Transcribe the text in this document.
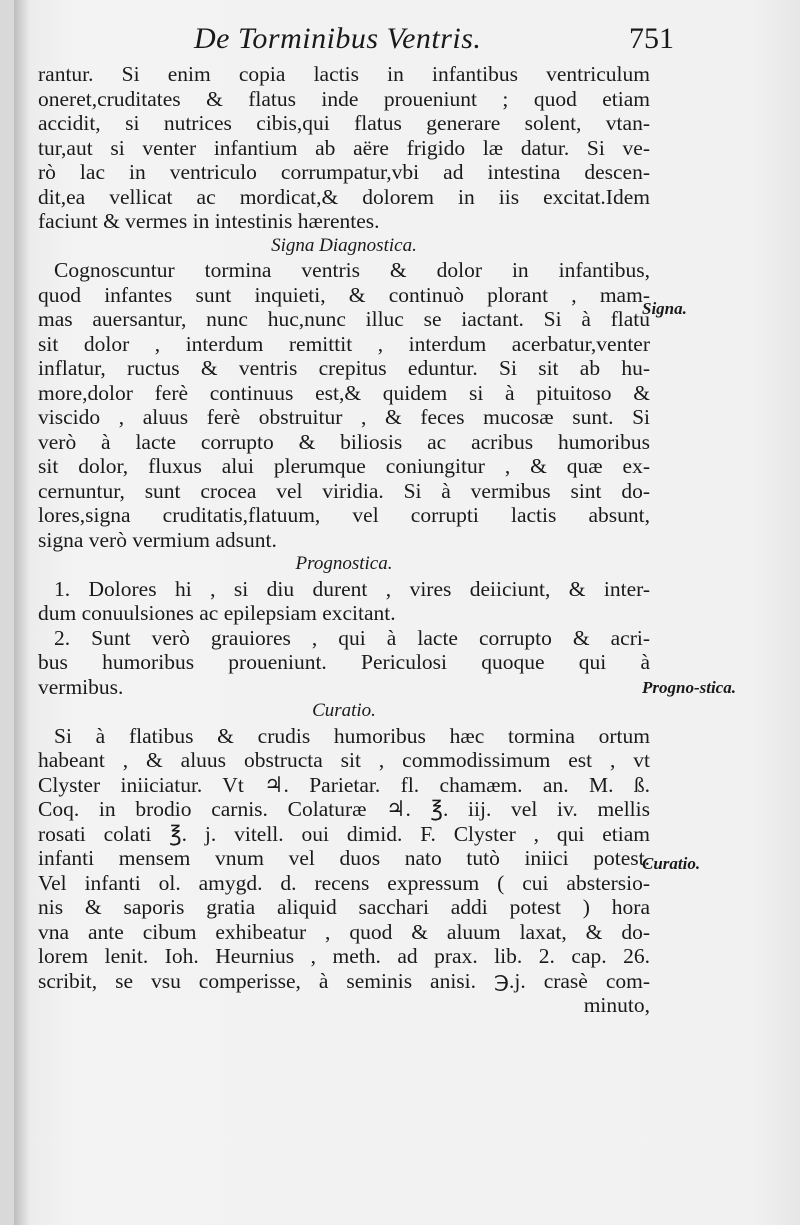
De Torminibus Ventris.	751
rantur. Si enim copia lactis in infantibus ventriculum
oneret,cruditates & flatus inde proueniunt ; quod etiam
accidit, si nutrices cibis,qui flatus generare solent, vtan-
tur,aut si venter infantium ab aëre frigido læ datur. Si ve-
rò lac in ventriculo corrumpatur,vbi ad intestina descen-
dit,ea vellicat ac mordicat,& dolorem in iis excitat.Idem
faciunt & vermes in intestinis hærentes.
Signa Diagnostica.
Cognoscuntur tormina ventris & dolor in infantibus,
quod infantes sunt inquieti, & continuò plorant , mam-
mas auersantur, nunc huc,nunc illuc se iactant. Si à flatu
sit dolor , interdum remittit , interdum acerbatur,venter
inflatur, ructus & ventris crepitus eduntur. Si sit ab hu-
more,dolor ferè continuus est,& quidem si à pituitoso &
viscido , aluus ferè obstruitur , & feces mucosæ sunt. Si
verò à lacte corrupto & biliosis ac acribus humoribus
sit dolor, fluxus alui plerumque coniungitur , & quæ ex-
cernuntur, sunt crocea vel viridia. Si à vermibus sint do-
lores,signa cruditatis,flatuum, vel corrupti lactis absunt,
signa verò vermium adsunt.
Prognostica.
1. Dolores hi , si diu durent , vires deiiciunt, & inter-
dum conuulsiones ac epilepsiam excitant.
2. Sunt verò grauiores , qui à lacte corrupto & acri-
bus humoribus proueniunt. Periculosi quoque qui à
vermibus.
Curatio.
Si à flatibus & crudis humoribus hæc tormina ortum
habeant , & aluus obstructa sit , commodissimum est , vt
Clyster iniiciatur. Vt ♃. Parietar. fl. chamæm. an. M. ß.
Coq. in brodio carnis. Colaturæ ♃. ℥. iij. vel iv. mellis
rosati colati ℥. j. vitell. oui dimid. F. Clyster , qui etiam
infanti mensem vnum vel duos nato tutò iniici potest.
Vel infanti ol. amygd. d. recens expressum ( cui abstersio-
nis & saporis gratia aliquid sacchari addi potest ) hora
vna ante cibum exhibeatur , quod & aluum laxat, & do-
lorem lenit. Ioh. Heurnius , meth. ad prax. lib. 2. cap. 26.
scribit, se vsu comperisse, à seminis anisi. ℈.j. crasè com-
minuto,
Signa.
Progno-stica.
Curatio.
